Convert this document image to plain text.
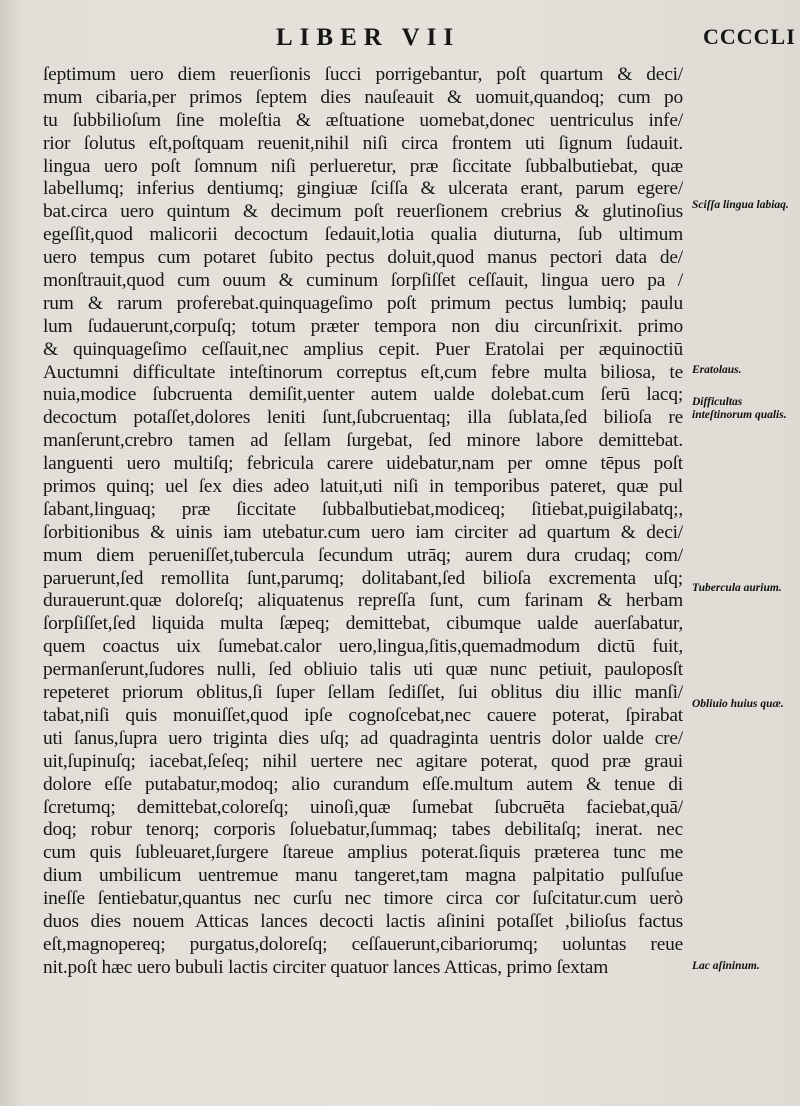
LIBER VII	CCCCLI
ſeptimum uero diem reuerſionis ſucci porrigebantur, poſt quartum & deci/
mum cibaria,per primos ſeptem dies nauſeauit & uomuit,quandoq; cum po
tu ſubbilioſum ſine moleſtia & æſtuatione uomebat,donec uentriculus infe/
rior ſolutus eſt,poſtquam reuenit,nihil niſi circa frontem uti ſignum ſudauit.
lingua uero poſt ſomnum niſi perlueretur, præ ſiccitate ſubbalbutiebat, quæ
labellumq; inferius dentiumq; gingiuæ ſciſſa & ulcerata erant, parum egere/
bat.circa uero quintum & decimum poſt reuerſionem crebrius & glutinoſius
egeſſit,quod malicorii decoctum ſedauit,lotia qualia diuturna, ſub ultimum
uero tempus cum potaret ſubito pectus doluit,quod manus pectori data de/
monſtrauit,quod cum ouum & cuminum ſorpſiſſet ceſſauit, lingua uero pa /
rum & rarum proferebat.quinquageſimo poſt primum pectus lumbiq; paulu
lum ſudauerunt,corpuſq; totum præter tempora non diu circunſrixit. primo
& quinquageſimo ceſſauit,nec amplius cepit. Puer Eratolai per æquinoctiū
Auctumni difficultate inteſtinorum correptus eſt,cum febre multa biliosa, te
nuia,modice ſubcruenta demiſit,uenter autem ualde dolebat.cum ſerū lacq;
decoctum potaſſet,dolores leniti ſunt,ſubcruentaq; illa ſublata,ſed bilioſa re
manſerunt,crebro tamen ad ſellam ſurgebat, ſed minore labore demittebat.
languenti uero multiſq; febricula carere uidebatur,nam per omne tēpus poſt
primos quinq; uel ſex dies adeo latuit,uti niſi in temporibus pateret, quæ pul
ſabant,linguaq; præ ſiccitate ſubbalbutiebat,modiceq; ſitiebat,puigilabatq;,
ſorbitionibus & uinis iam utebatur.cum uero iam circiter ad quartum & deci/
mum diem perueniſſet,tubercula ſecundum utrāq; aurem dura crudaq; com/
paruerunt,ſed remollita ſunt,parumq; dolitabant,ſed bilioſa excrementa uſq;
durauerunt.quæ doloreſq; aliquatenus repreſſa ſunt, cum farinam & herbam
ſorpſiſſet,ſed liquida multa ſæpeq; demittebat, cibumque ualde auerſabatur,
quem coactus uix ſumebat.calor uero,lingua,ſitis,quemadmodum dictū fuit,
permanſerunt,ſudores nulli, ſed obliuio talis uti quæ nunc petiuit, pauloposſt
repeteret priorum oblitus,ſi ſuper ſellam ſediſſet, ſui oblitus diu illic manſi/
tabat,niſi quis monuiſſet,quod ipſe cognoſcebat,nec cauere poterat, ſpirabat
uti ſanus,ſupra uero triginta dies uſq; ad quadraginta uentris dolor ualde cre/
uit,ſupinuſq; iacebat,ſeſeq; nihil uertere nec agitare poterat, quod præ graui
dolore eſſe putabatur,modoq; alio curandum eſſe.multum autem & tenue di
ſcretumq; demittebat,coloreſq; uinoſi,quæ ſumebat ſubcruēta faciebat,quā/
doq; robur tenorq; corporis ſoluebatur,ſummaq; tabes debilitaſq; inerat. nec
cum quis ſubleuaret,ſurgere ſtareue amplius poterat.ſiquis præterea tunc me
dium umbilicum uentremue manu tangeret,tam magna palpitatio pulſuſue
ineſſe ſentiebatur,quantus nec curſu nec timore circa cor ſuſcitatur.cum uerò
duos dies nouem Atticas lances decocti lactis aſinini potaſſet ,bilioſus factus
eſt,magnopereq; purgatus,doloreſq; ceſſauerunt,cibariorumq; uoluntas reue
nit.poſt hæc uero bubuli lactis circiter quatuor lances Atticas, primo ſextam
Sciſſa lingua labiaq.
Eratolaus.
Difficultas inteſtinorum qualis.
Tubercula aurium.
Obliuio huius quæ.
Lac aſininum.
